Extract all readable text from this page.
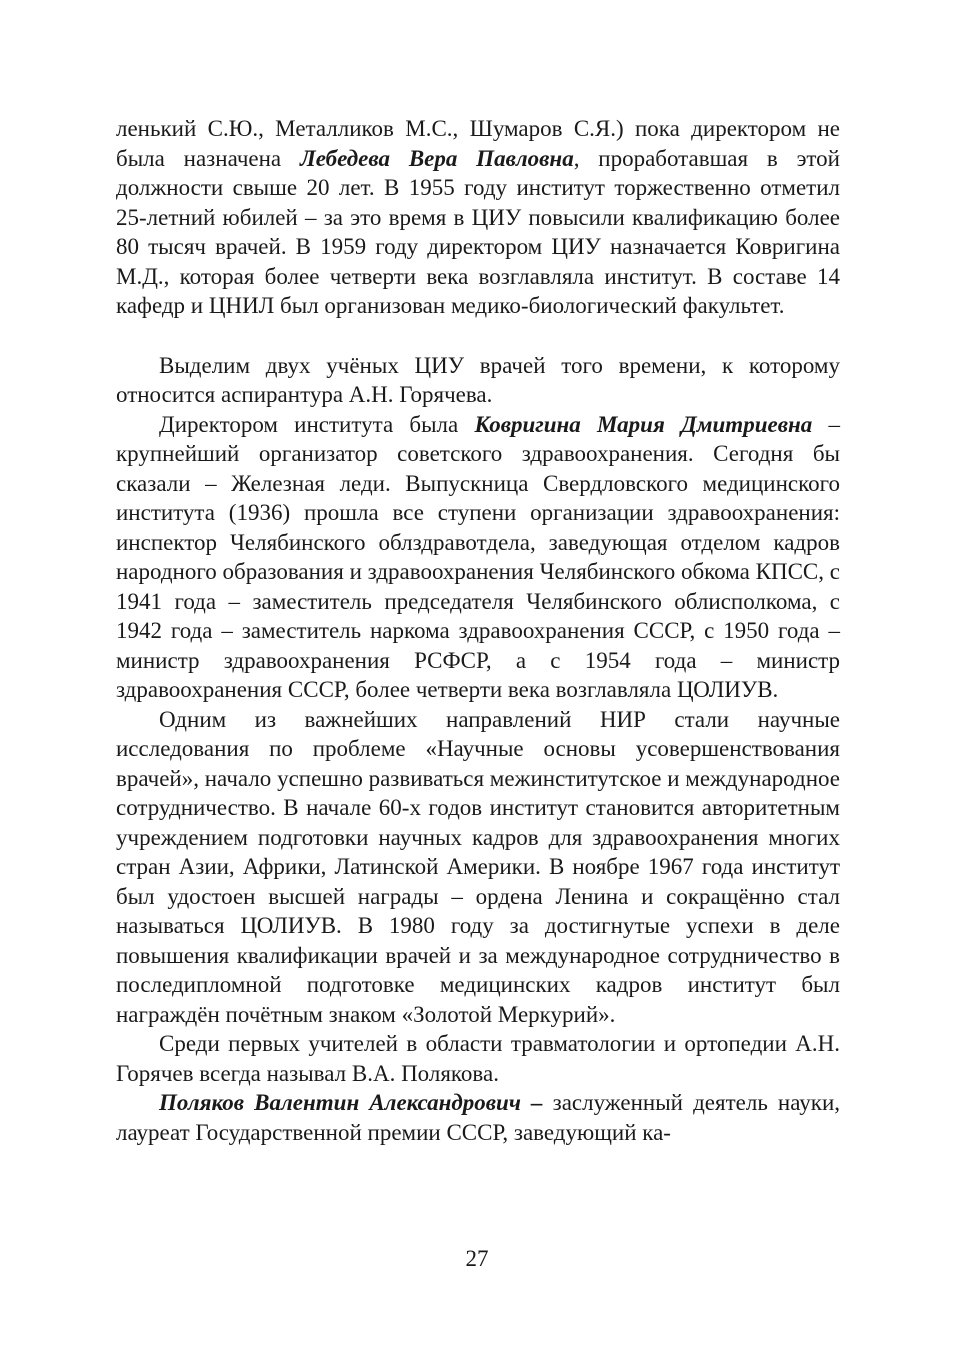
ленький С.Ю., Металликов М.С., Шумаров С.Я.) пока директором не была назначена Лебедева Вера Павловна, проработавшая в этой должности свыше 20 лет. В 1955 году институт торжественно отметил 25-летний юбилей – за это время в ЦИУ повысили квалификацию более 80 тысяч врачей. В 1959 году директором ЦИУ назначается Ковригина М.Д., которая более четверти века возглавляла институт. В составе 14 кафедр и ЦНИЛ был организован медико-биологический факультет.

Выделим двух учёных ЦИУ врачей того времени, к которому относится аспирантура А.Н. Горячева.

Директором института была Ковригина Мария Дмитриевна – крупнейший организатор советского здравоохранения. Сегодня бы сказали – Железная леди. Выпускница Свердловского медицинского института (1936) прошла все ступени организации здравоохранения: инспектор Челябинского облздравотдела, заведующая отделом кадров народного образования и здравоохранения Челябинского обкома КПСС, с 1941 года – заместитель председателя Челябинского облисполкома, с 1942 года – заместитель наркома здравоохранения СССР, с 1950 года – министр здравоохранения РСФСР, а с 1954 года – министр здравоохранения СССР, более четверти века возглавляла ЦОЛИУВ.

Одним из важнейших направлений НИР стали научные исследования по проблеме «Научные основы усовершенствования врачей», начало успешно развиваться межинститутское и международное сотрудничество. В начале 60-х годов институт становится авторитетным учреждением подготовки научных кадров для здравоохранения многих стран Азии, Африки, Латинской Америки. В ноябре 1967 года институт был удостоен высшей награды – ордена Ленина и сокращённо стал называться ЦОЛИУВ. В 1980 году за достигнутые успехи в деле повышения квалификации врачей и за международное сотрудничество в последипломной подготовке медицинских кадров институт был награждён почётным знаком «Золотой Меркурий».

Среди первых учителей в области травматологии и ортопедии А.Н. Горячев всегда называл В.А. Полякова.

Поляков Валентин Александрович – заслуженный деятель науки, лауреат Государственной премии СССР, заведующий ка-

27
